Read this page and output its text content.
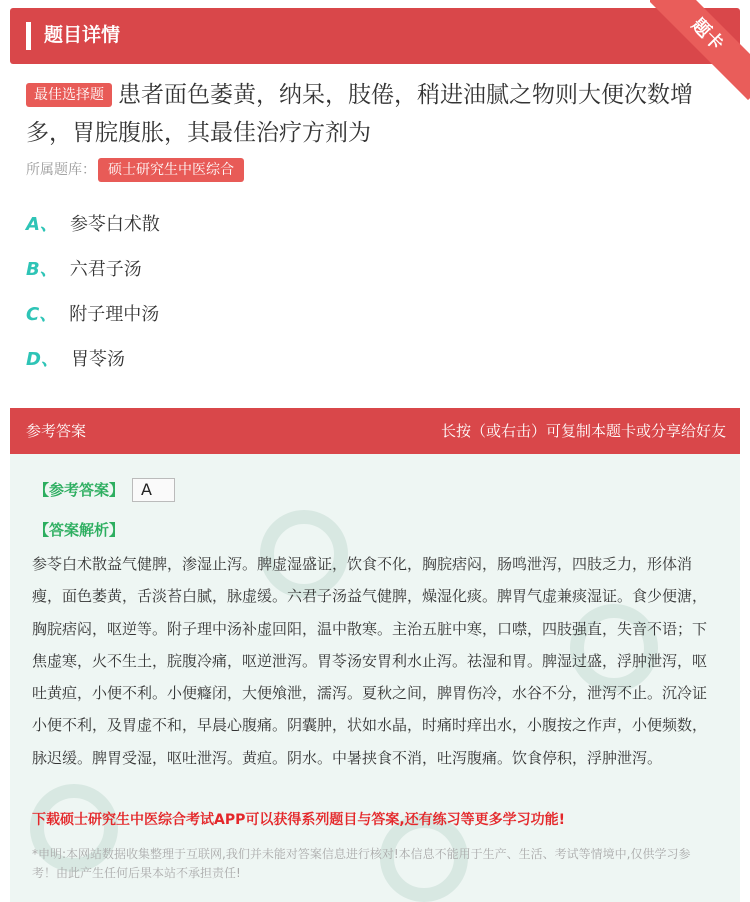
题目详情	题卡
最佳选择题 患者面色萎黄，纳呆，肢倦，稍进油腻之物则大便次数增多，胃脘腹胀，其最佳治疗方剂为
所属题库： 硕士研究生中医综合
A、 参苓白术散
B、 六君子汤
C、 附子理中汤
D、 胃苓汤
参考答案	长按（或右击）可复制本题卡或分享给好友
【参考答案】 A
【答案解析】
参苓白术散益气健脾，渗湿止泻。脾虚湿盛证，饮食不化，胸脘痞闷，肠鸣泄泻，四肢乏力，形体消瘦，面色萎黄，舌淡苔白腻，脉虚缓。六君子汤益气健脾，燥湿化痰。脾胃气虚兼痰湿证。食少便溏，胸脘痞闷，呕逆等。附子理中汤补虚回阳，温中散寒。主治五脏中寒，口噤，四肢强直，失音不语；下焦虚寒，火不生土，脘腹冷痛，呕逆泄泻。胃苓汤安胃利水止泻。祛湿和胃。脾湿过盛，浮肿泄泻，呕吐黄疸，小便不利。小便癃闭，大便飧泄，濡泻。夏秋之间，脾胃伤冷，水谷不分，泄泻不止。沉冷证小便不利，及胃虚不和，早晨心腹痛。阴囊肿，状如水晶，时痛时痒出水，小腹按之作声，小便频数，脉迟缓。脾胃受湿，呕吐泄泻。黄疸。阴水。中暑挟食不消，吐泻腹痛。饮食停积，浮肿泄泻。
下载硕士研究生中医综合考试APP可以获得系列题目与答案,还有练习等更多学习功能!
*申明:本网站数据收集整理于互联网,我们并未能对答案信息进行核对!本信息不能用于生产、生活、考试等情境中,仅供学习参考！由此产生任何后果本站不承担责任!
